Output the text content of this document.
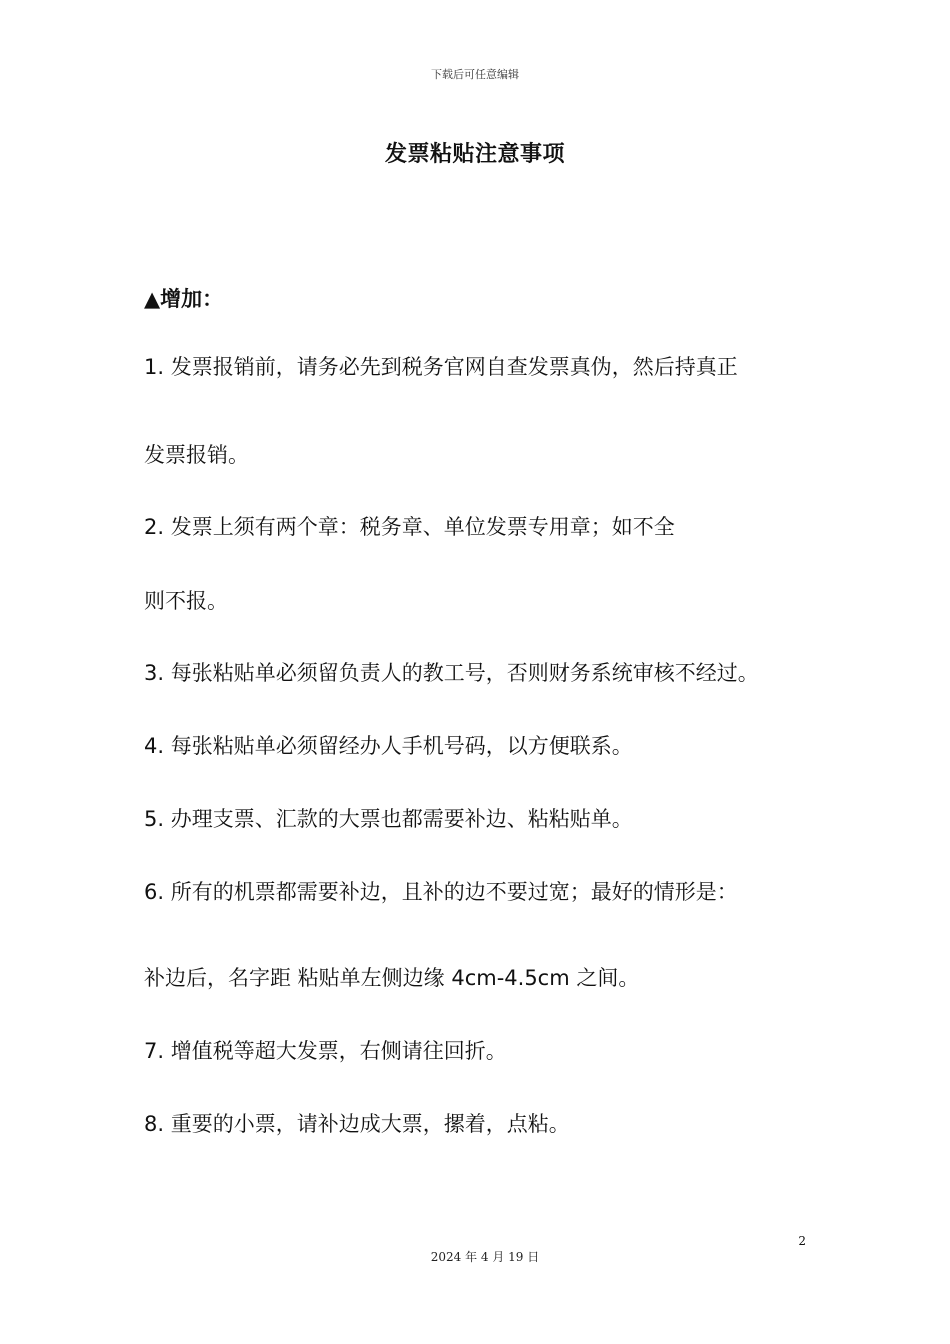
下载后可任意编辑
发票粘贴注意事项
▲增加：
1. 发票报销前，请务必先到税务官网自查发票真伪，然后持真正
发票报销。
2. 发票上须有两个章：税务章、单位发票专用章；如不全
则不报。
3. 每张粘贴单必须留负责人的教工号，否则财务系统审核不经过。
4. 每张粘贴单必须留经办人手机号码，以方便联系。
5. 办理支票、汇款的大票也都需要补边、粘粘贴单。
6. 所有的机票都需要补边，且补的边不要过宽；最好的情形是：
补边后，名字距 粘贴单左侧边缘 4cm-4.5cm 之间。
7. 增值税等超大发票，右侧请往回折。
8. 重要的小票，请补边成大票，摞着，点粘。
2
2024 年 4 月 19 日
